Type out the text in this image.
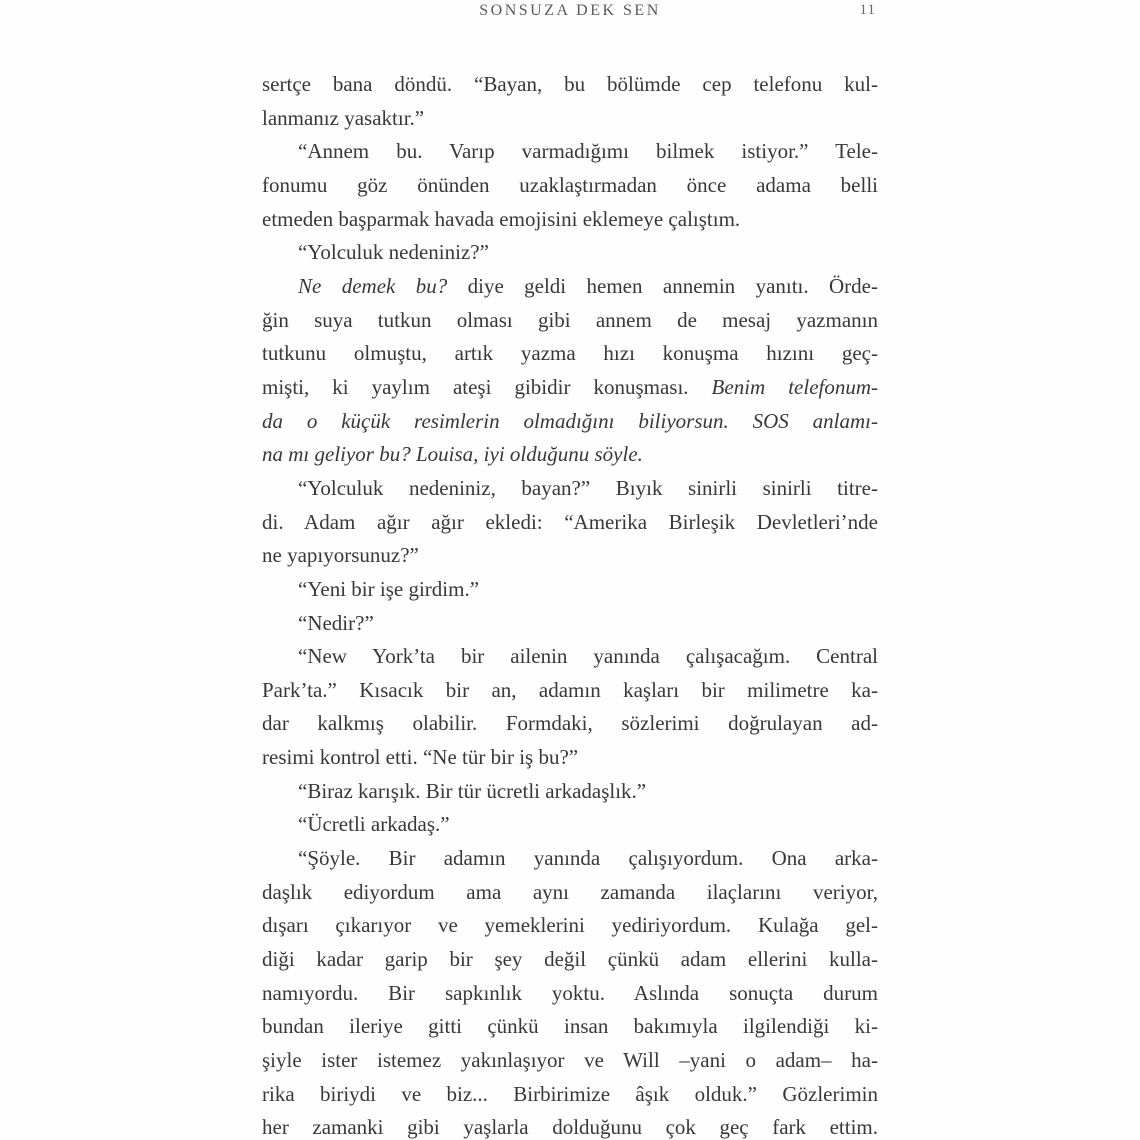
SONSUZA DEK SEN	11
sertçe bana döndü. “Bayan, bu bölümde cep telefonu kul-
lanmanız yasaktır.”
“Annem bu. Varıp varmadığımı bilmek istiyor.” Tele-
fonumu göz önünden uzaklaştırmadan önce adama belli
etmeden başparmak havada emojisini eklemeye çalıştım.
“Yolculuk nedeniniz?”
Ne demek bu? diye geldi hemen annemin yanıtı. Örde-
ğin suya tutkun olması gibi annem de mesaj yazmanın
tutkunu olmuştu, artık yazma hızı konuşma hızını geç-
mişti, ki yaylım ateşi gibidir konuşması. Benim telefonum-
da o küçük resimlerin olmadığını biliyorsun. SOS anlamı-
na mı geliyor bu? Louisa, iyi olduğunu söyle.
“Yolculuk nedeniniz, bayan?” Bıyık sinirli sinirli titre-
di. Adam ağır ağır ekledi: “Amerika Birleşik Devletleri’nde
ne yapıyorsunuz?”
“Yeni bir işe girdim.”
“Nedir?”
“New York’ta bir ailenin yanında çalışacağım. Central
Park’ta.” Kısacık bir an, adamın kaşları bir milimetre ka-
dar kalkmış olabilir. Formdaki, sözlerimi doğrulayan ad-
resimi kontrol etti. “Ne tür bir iş bu?”
“Biraz karışık. Bir tür ücretli arkadaşlık.”
“Ücretli arkadaş.”
“Şöyle. Bir adamın yanında çalışıyordum. Ona arka-
daşlık ediyordum ama aynı zamanda ilaçlarını veriyor,
dışarı çıkarıyor ve yemeklerini yediriyordum. Kulağa gel-
diği kadar garip bir şey değil çünkü adam ellerini kulla-
namıyordu. Bir sapkınlık yoktu. Aslında sonuçta durum
bundan ileriye gitti çünkü insan bakımıyla ilgilendiği ki-
şiyle ister istemez yakınlaşıyor ve Will –yani o adam– ha-
rika biriydi ve biz... Birbirimize âşık olduk.” Gözlerimin
her zamanki gibi yaşlarla dolduğunu çok geç fark ettim.
